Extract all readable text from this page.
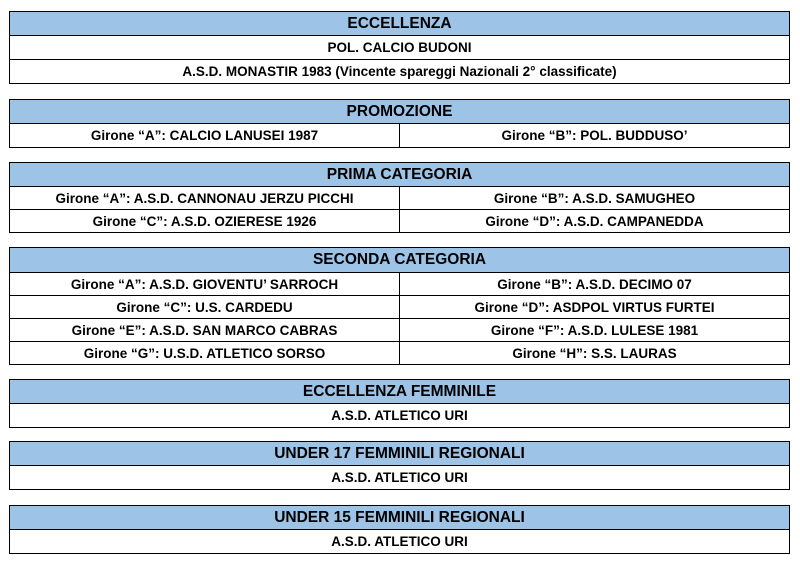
ECCELLENZA
POL. CALCIO BUDONI
A.S.D. MONASTIR 1983 (Vincente spareggi Nazionali 2° classificate)
PROMOZIONE
Girone “A”: CALCIO LANUSEI 1987	Girone “B”: POL. BUDDUSO’
PRIMA CATEGORIA
Girone “A”: A.S.D. CANNONAU JERZU PICCHI	Girone “B”: A.S.D. SAMUGHEO
Girone “C”: A.S.D. OZIERESE 1926	Girone “D”: A.S.D. CAMPANEDDA
SECONDA CATEGORIA
Girone “A”: A.S.D. GIOVENTU’ SARROCH	Girone “B”: A.S.D. DECIMO 07
Girone “C”: U.S. CARDEDU	Girone “D”: ASDPOL VIRTUS FURTEI
Girone “E”: A.S.D. SAN MARCO CABRAS	Girone “F”: A.S.D. LULESE 1981
Girone “G”: U.S.D. ATLETICO SORSO	Girone “H”: S.S. LAURAS
ECCELLENZA FEMMINILE
A.S.D. ATLETICO URI
UNDER 17 FEMMINILI REGIONALI
A.S.D. ATLETICO URI
UNDER 15 FEMMINILI REGIONALI
A.S.D. ATLETICO URI
